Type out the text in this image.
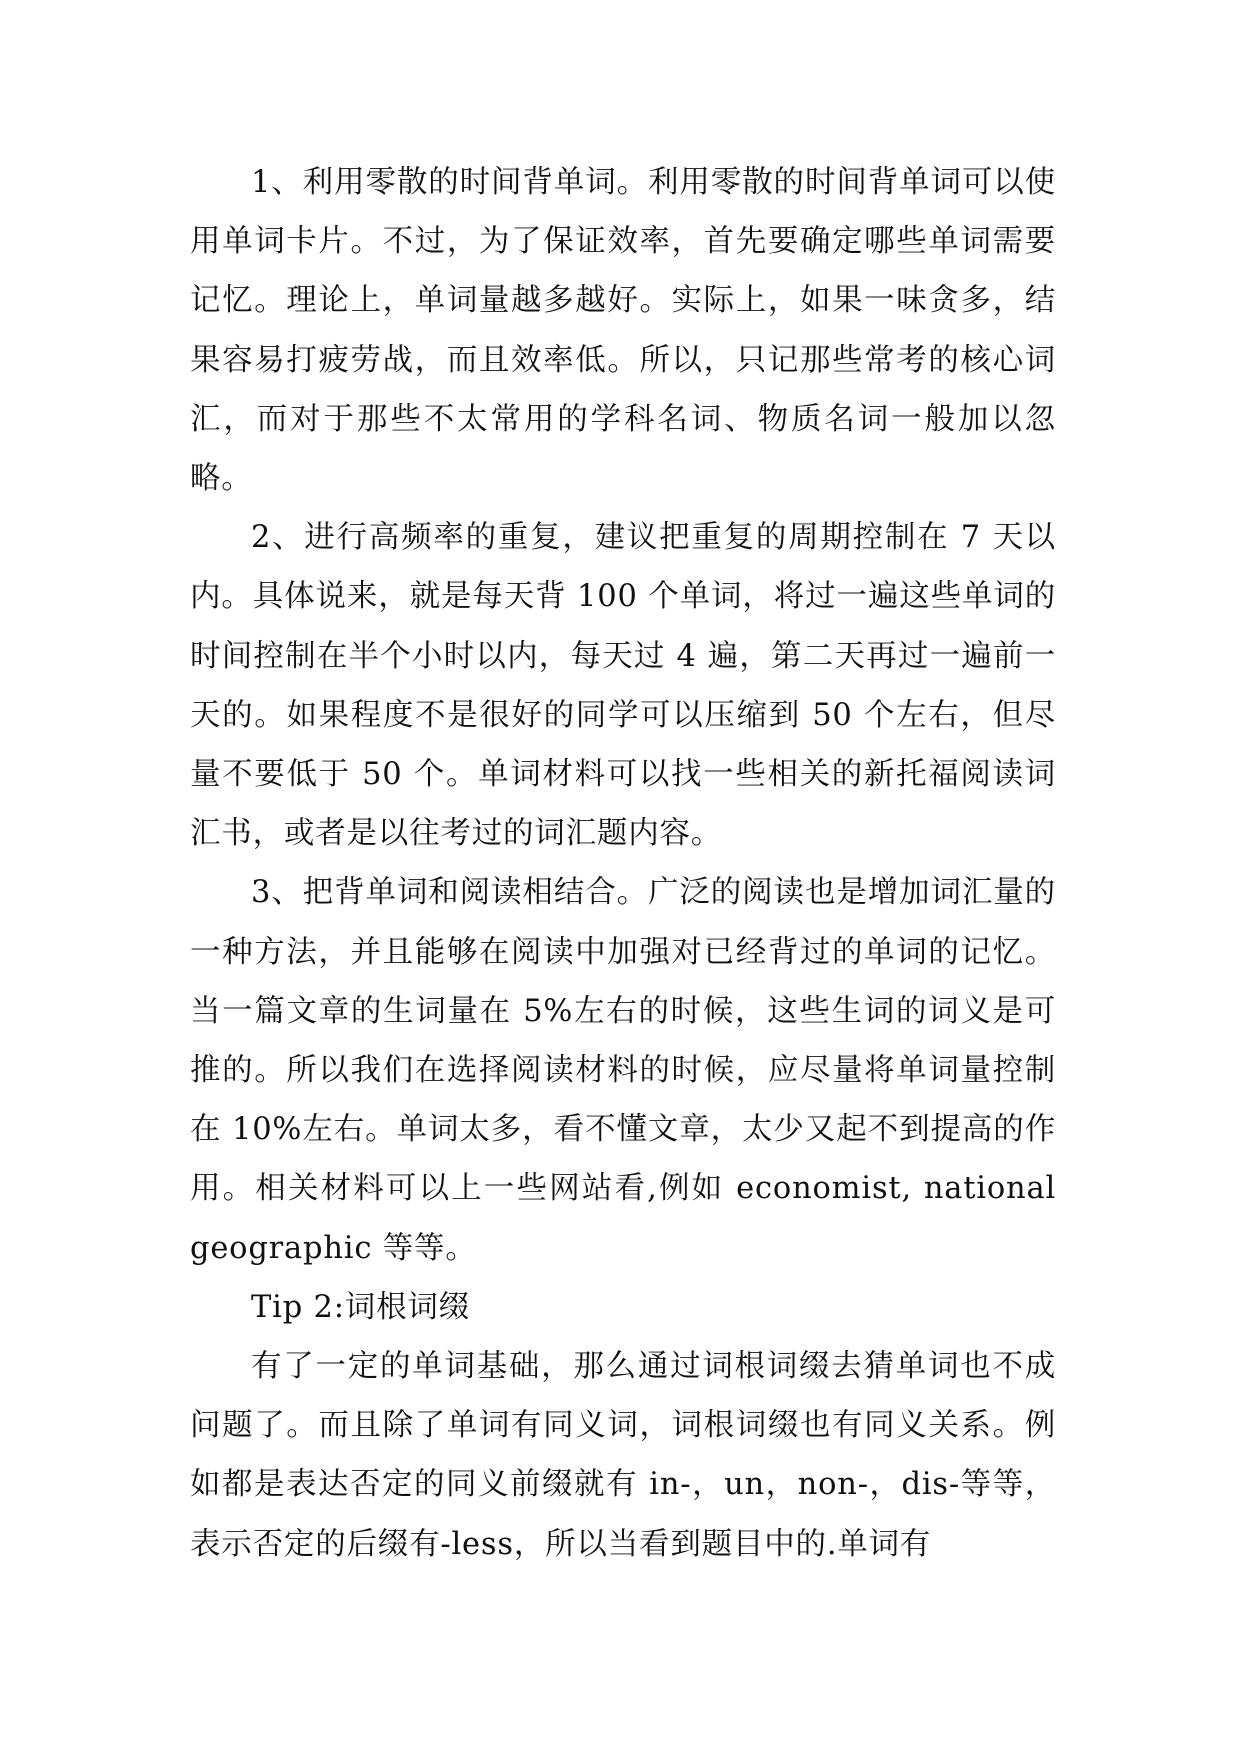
1、利用零散的时间背单词。利用零散的时间背单词可以使用单词卡片。不过，为了保证效率，首先要确定哪些单词需要记忆。理论上，单词量越多越好。实际上，如果一味贪多，结果容易打疲劳战，而且效率低。所以，只记那些常考的核心词汇，而对于那些不太常用的学科名词、物质名词一般加以忽略。

2、进行高频率的重复，建议把重复的周期控制在 7 天以内。具体说来，就是每天背 100 个单词，将过一遍这些单词的时间控制在半个小时以内，每天过 4 遍，第二天再过一遍前一天的。如果程度不是很好的同学可以压缩到 50 个左右，但尽量不要低于 50 个。单词材料可以找一些相关的新托福阅读词汇书，或者是以往考过的词汇题内容。

3、把背单词和阅读相结合。广泛的阅读也是增加词汇量的一种方法，并且能够在阅读中加强对已经背过的单词的记忆。当一篇文章的生词量在 5%左右的时候，这些生词的词义是可推的。所以我们在选择阅读材料的时候，应尽量将单词量控制在 10%左右。单词太多，看不懂文章，太少又起不到提高的作用。相关材料可以上一些网站看,例如 economist, national geographic 等等。

Tip 2:词根词缀

有了一定的单词基础，那么通过词根词缀去猜单词也不成问题了。而且除了单词有同义词，词根词缀也有同义关系。例如都是表达否定的同义前缀就有 in-，un，non-，dis-等等，表示否定的后缀有-less，所以当看到题目中的.单词有
